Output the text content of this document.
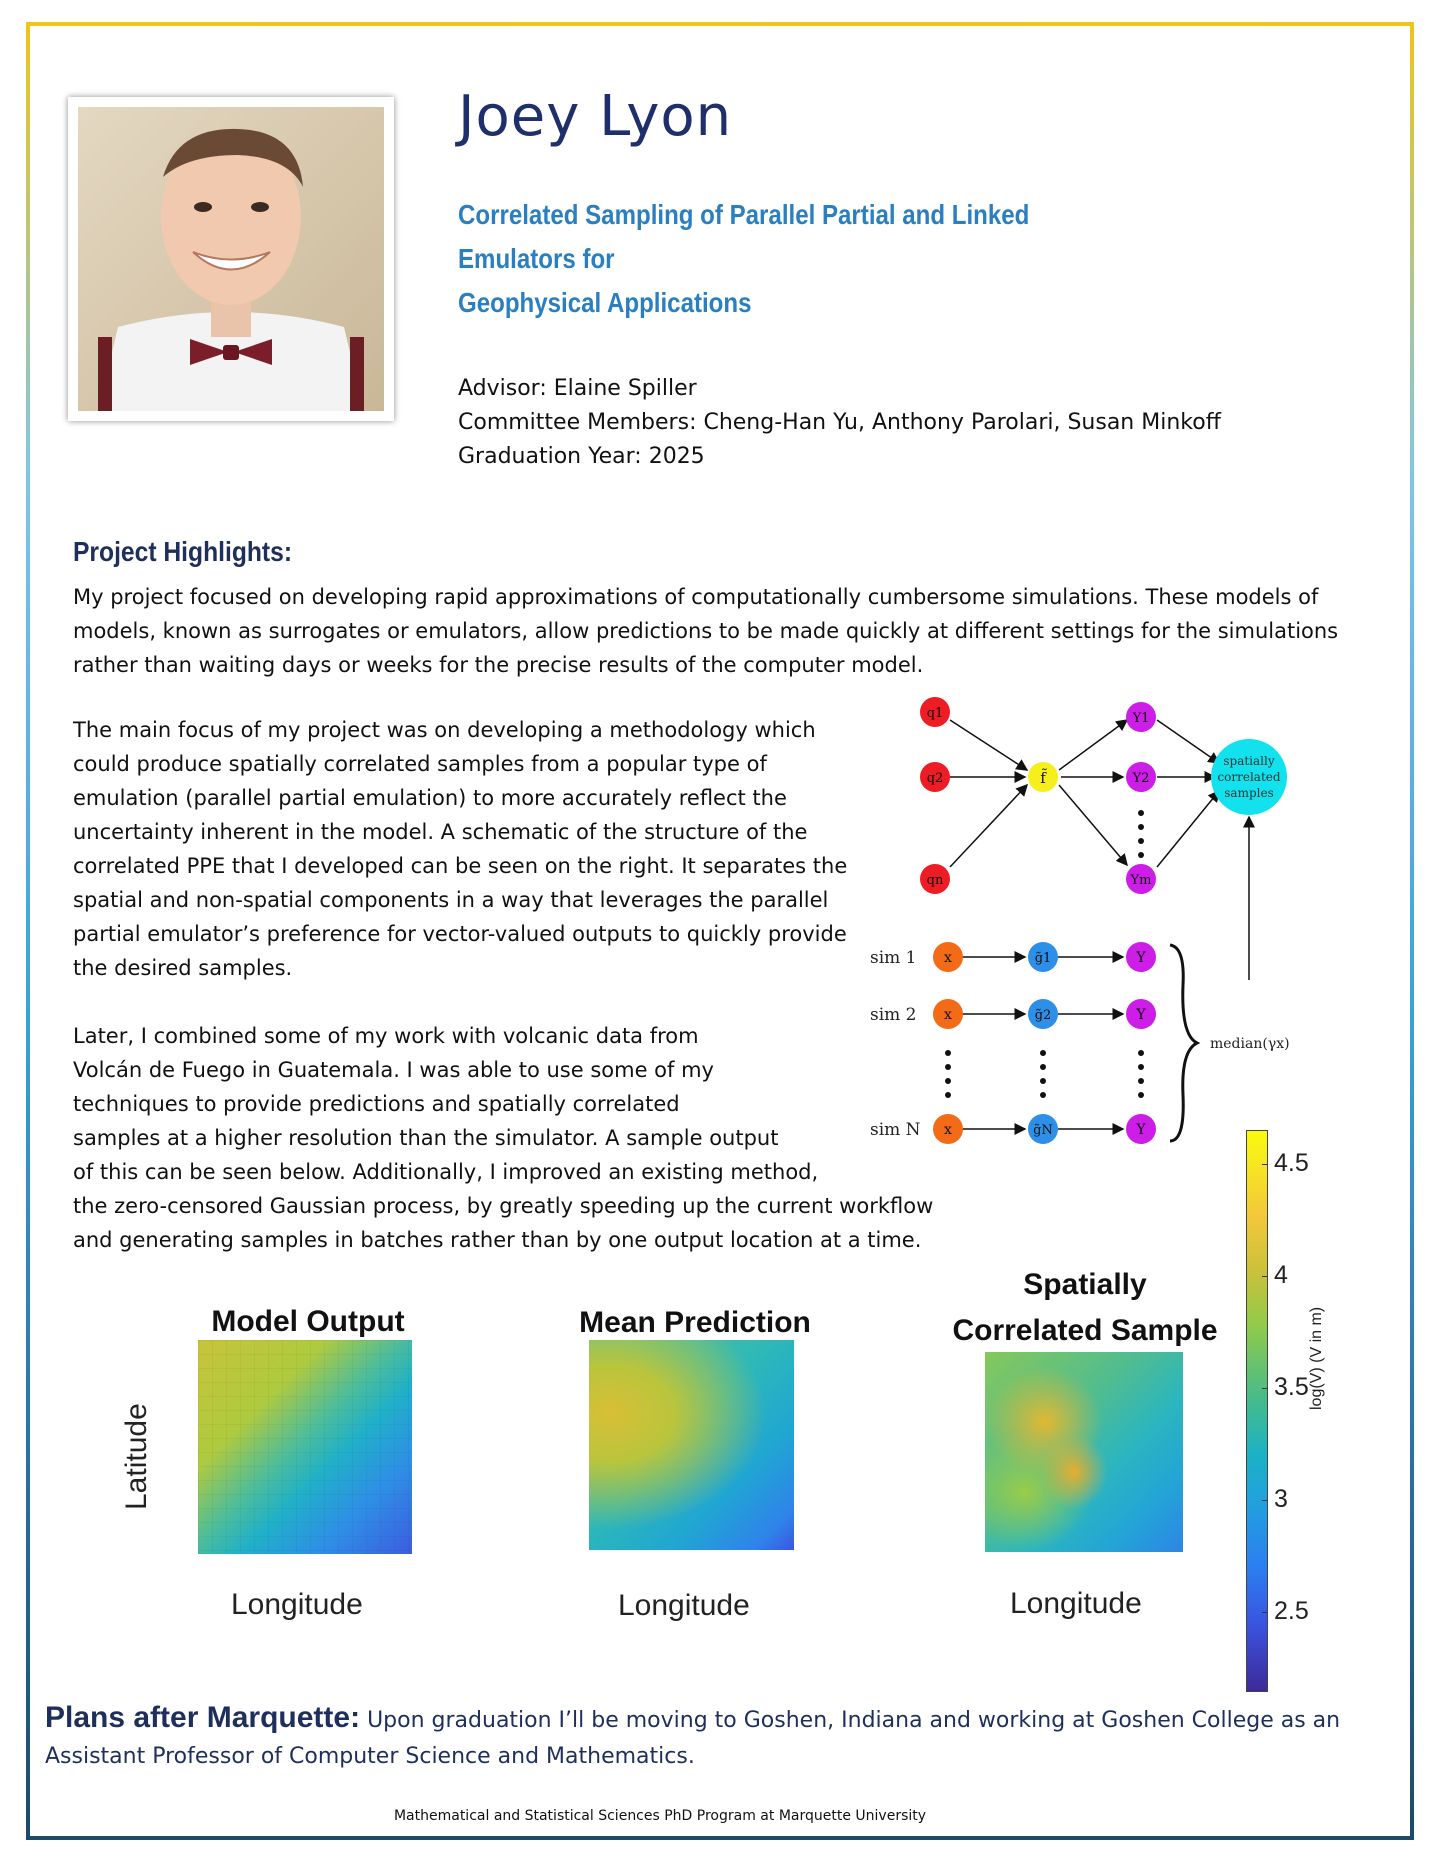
Joey Lyon
Correlated Sampling of Parallel Partial and Linked Emulators for
Geophysical Applications
Advisor: Elaine Spiller
Committee Members: Cheng-Han Yu, Anthony Parolari, Susan Minkoff
Graduation Year: 2025
Project Highlights:
My project focused on developing rapid approximations of computationally cumbersome simulations. These models of models, known as surrogates or emulators, allow predictions to be made quickly at different settings for the simulations rather than waiting days or weeks for the precise results of the computer model.
The main focus of my project was on developing a methodology which could produce spatially correlated samples from a popular type of emulation (parallel partial emulation) to more accurately reflect the uncertainty inherent in the model. A schematic of the structure of the correlated PPE that I developed can be seen on the right. It separates the spatial and non-spatial components in a way that leverages the parallel partial emulator’s preference for vector-valued outputs to quickly provide the desired samples.
Later, I combined some of my work with volcanic data from
Volcán de Fuego in Guatemala. I was able to use some of my
techniques to provide predictions and spatially correlated
samples at a higher resolution than the simulator. A sample output
of this can be seen below. Additionally, I improved an existing method,
the zero-censored Gaussian process, by greatly speeding up the current workflow
and generating samples in batches rather than by one output location at a time.
q1
q2
qn
f̃
Y1
Y2
Ym
spatially
correlated
samples
sim 1
sim 2
sim N
x
x
x
g̃1
g̃2
g̃N
Y
Y
Y
median(γx)
Model Output	Mean Prediction
Spatially
Correlated Sample
Latitude
Longitude	Longitude	Longitude
4.5
4
3.5
3
2.5
log(V) (V in m)
Plans after Marquette: Upon graduation I’ll be moving to Goshen, Indiana and working at Goshen College as an
Assistant Professor of Computer Science and Mathematics.
Mathematical and Statistical Sciences PhD Program at Marquette University
